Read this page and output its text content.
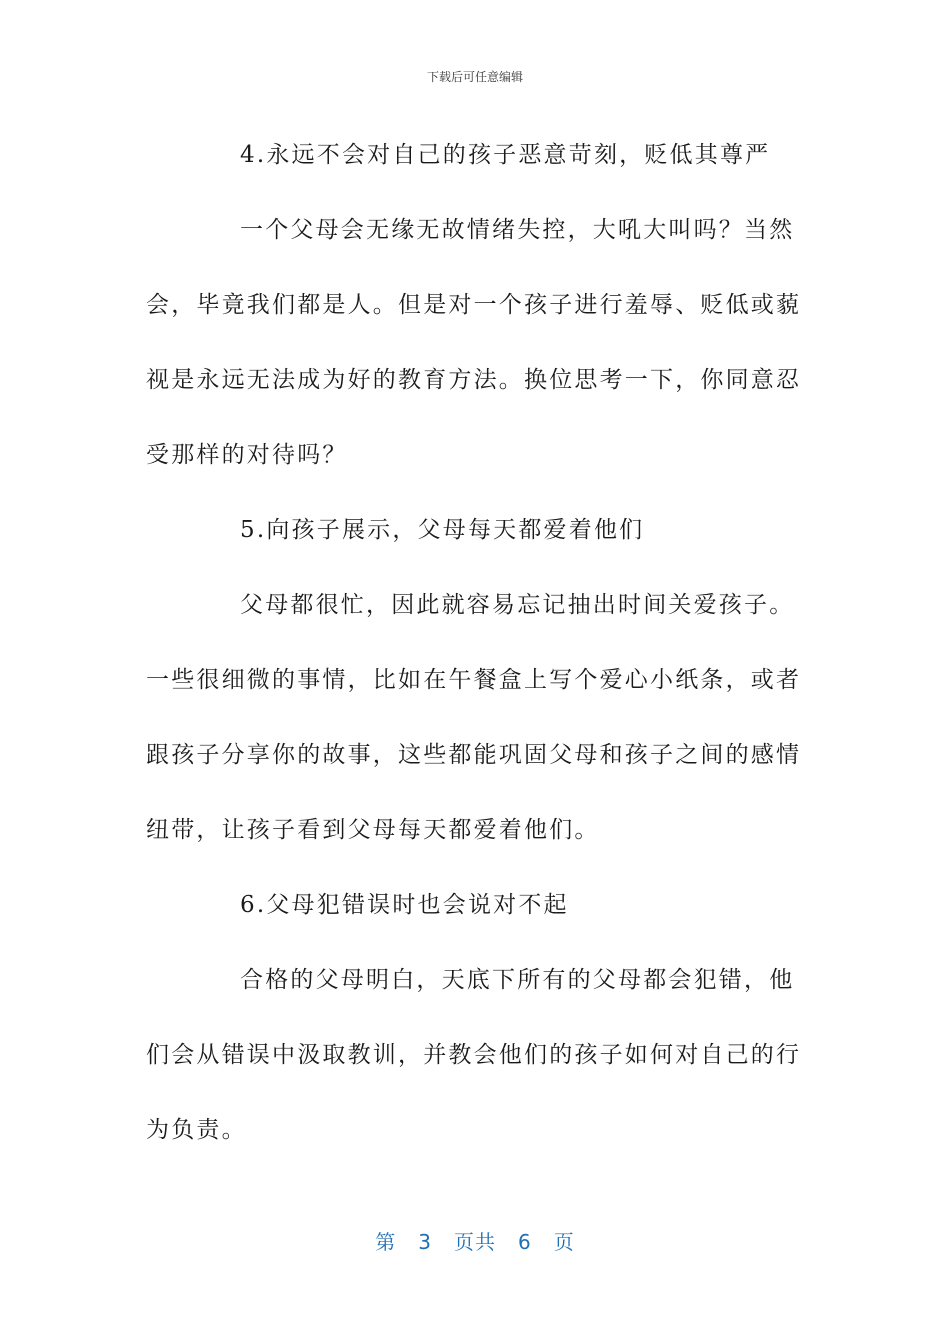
下载后可任意编辑

4.永远不会对自己的孩子恶意苛刻，贬低其尊严

一个父母会无缘无故情绪失控，大吼大叫吗？当然会，毕竟我们都是人。但是对一个孩子进行羞辱、贬低或藐视是永远无法成为好的教育方法。换位思考一下，你同意忍受那样的对待吗？

5.向孩子展示，父母每天都爱着他们

父母都很忙，因此就容易忘记抽出时间关爱孩子。一些很细微的事情，比如在午餐盒上写个爱心小纸条，或者跟孩子分享你的故事，这些都能巩固父母和孩子之间的感情纽带，让孩子看到父母每天都爱着他们。

6.父母犯错误时也会说对不起

合格的父母明白，天底下所有的父母都会犯错，他们会从错误中汲取教训，并教会他们的孩子如何对自己的行为负责。

第 3 页共 6 页
